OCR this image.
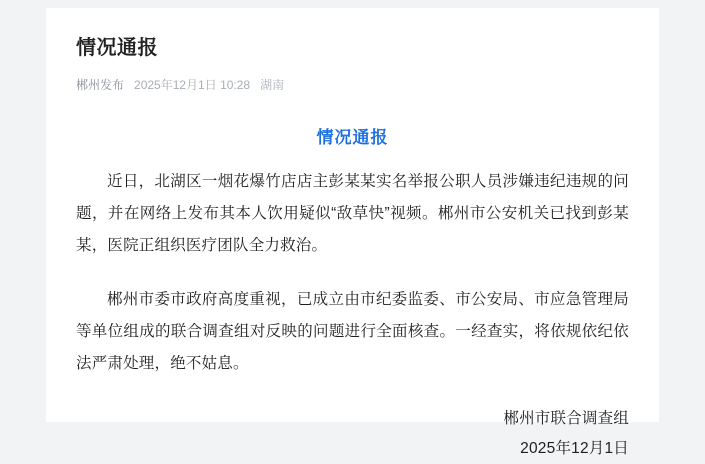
情况通报
郴州发布 2025年12月1日 10:28 湖南
情况通报

近日，北湖区一烟花爆竹店店主彭某某实名举报公职人员涉嫌违纪违规的问题，并在网络上发布其本人饮用疑似“敌草快”视频。郴州市公安机关已找到彭某某，医院正组织医疗团队全力救治。

郴州市委市政府高度重视，已成立由市纪委监委、市公安局、市应急管理局等单位组成的联合调查组对反映的问题进行全面核查。一经查实，将依规依纪依法严肃处理，绝不姑息。

郴州市联合调查组
2025年12月1日
